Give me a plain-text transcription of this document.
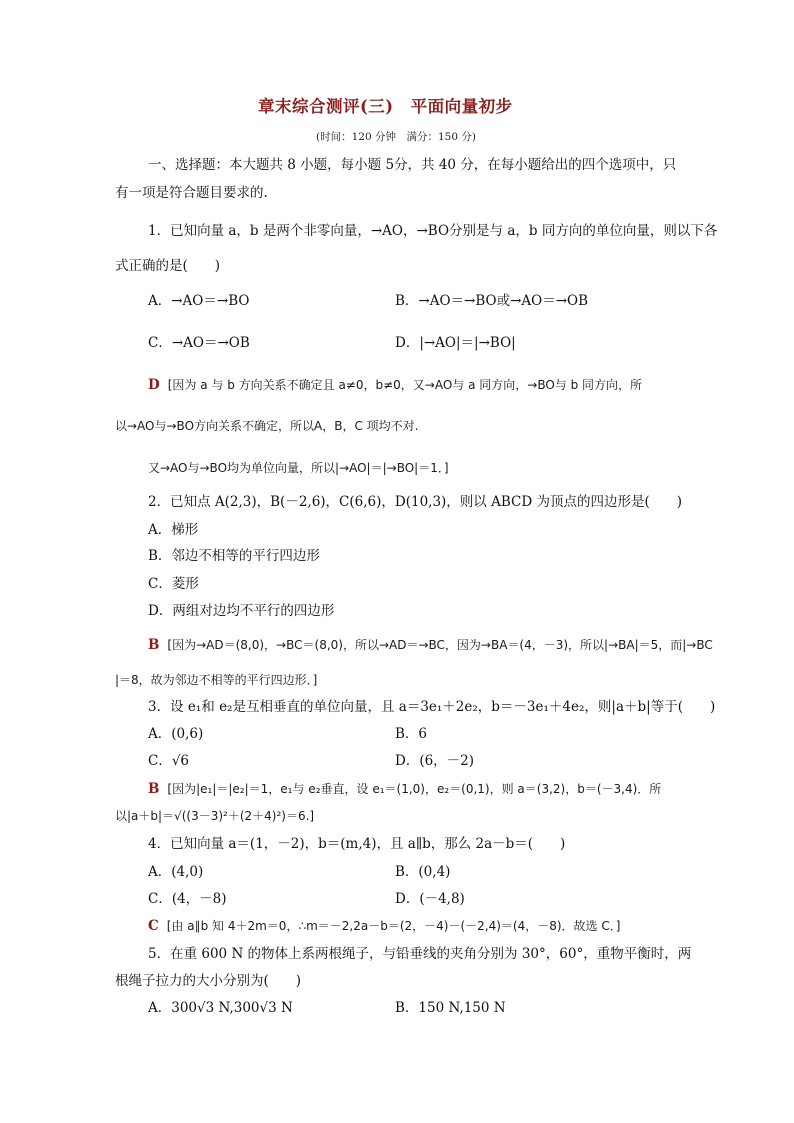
章末综合测评(三)　平面向量初步
(时间：120 分钟　满分：150 分)
一、选择题：本大题共 8 小题，每小题 5分，共 40 分，在每小题给出的四个选项中，只
有一项是符合题目要求的.
1．已知向量 a，b 是两个非零向量，→AO，→BO分别是与 a，b 同方向的单位向量，则以下各
式正确的是(　　)
A．→AO＝→BO	B．→AO＝→BO或→AO＝→OB
C．→AO＝→OB	D．|→AO|＝|→BO|
D [因为 a 与 b 方向关系不确定且 a≠0，b≠0，又→AO与 a 同方向，→BO与 b 同方向，所
以→AO与→BO方向关系不确定，所以A，B，C 项均不对.
又→AO与→BO均为单位向量，所以|→AO|＝|→BO|＝1．]
2．已知点 A(2,3)，B(－2,6)，C(6,6)，D(10,3)，则以 ABCD 为顶点的四边形是(　　)
A．梯形
B．邻边不相等的平行四边形
C．菱形
D．两组对边均不平行的四边形
B [因为→AD＝(8,0)，→BC＝(8,0)，所以→AD＝→BC，因为→BA＝(4，－3)，所以|→BA|＝5，而|→BC
|＝8，故为邻边不相等的平行四边形．]
3．设 e₁和 e₂是互相垂直的单位向量，且 a＝3e₁＋2e₂，b＝－3e₁＋4e₂，则|a＋b|等于(　　)
A．(0,6)	B．6
C．√6	D．(6，－2)
B [因为|e₁|＝|e₂|＝1，e₁与 e₂垂直，设 e₁＝(1,0)，e₂＝(0,1)，则 a＝(3,2)，b＝(－3,4)．所
以|a＋b|＝√((3－3)²＋(2＋4)²)＝6.]
4．已知向量 a＝(1，－2)，b＝(m,4)，且 a∥b，那么 2a－b＝(　　)
A．(4,0)	B．(0,4)
C．(4，－8)	D．(－4,8)
C [由 a∥b 知 4＋2m＝0，∴m＝－2,2a－b＝(2，－4)－(－2,4)＝(4，－8)．故选 C．]
5．在重 600 N 的物体上系两根绳子，与铅垂线的夹角分别为 30°，60°，重物平衡时，两
根绳子拉力的大小分别为(　　)
A．300√3 N,300√3 N	B．150 N,150 N
